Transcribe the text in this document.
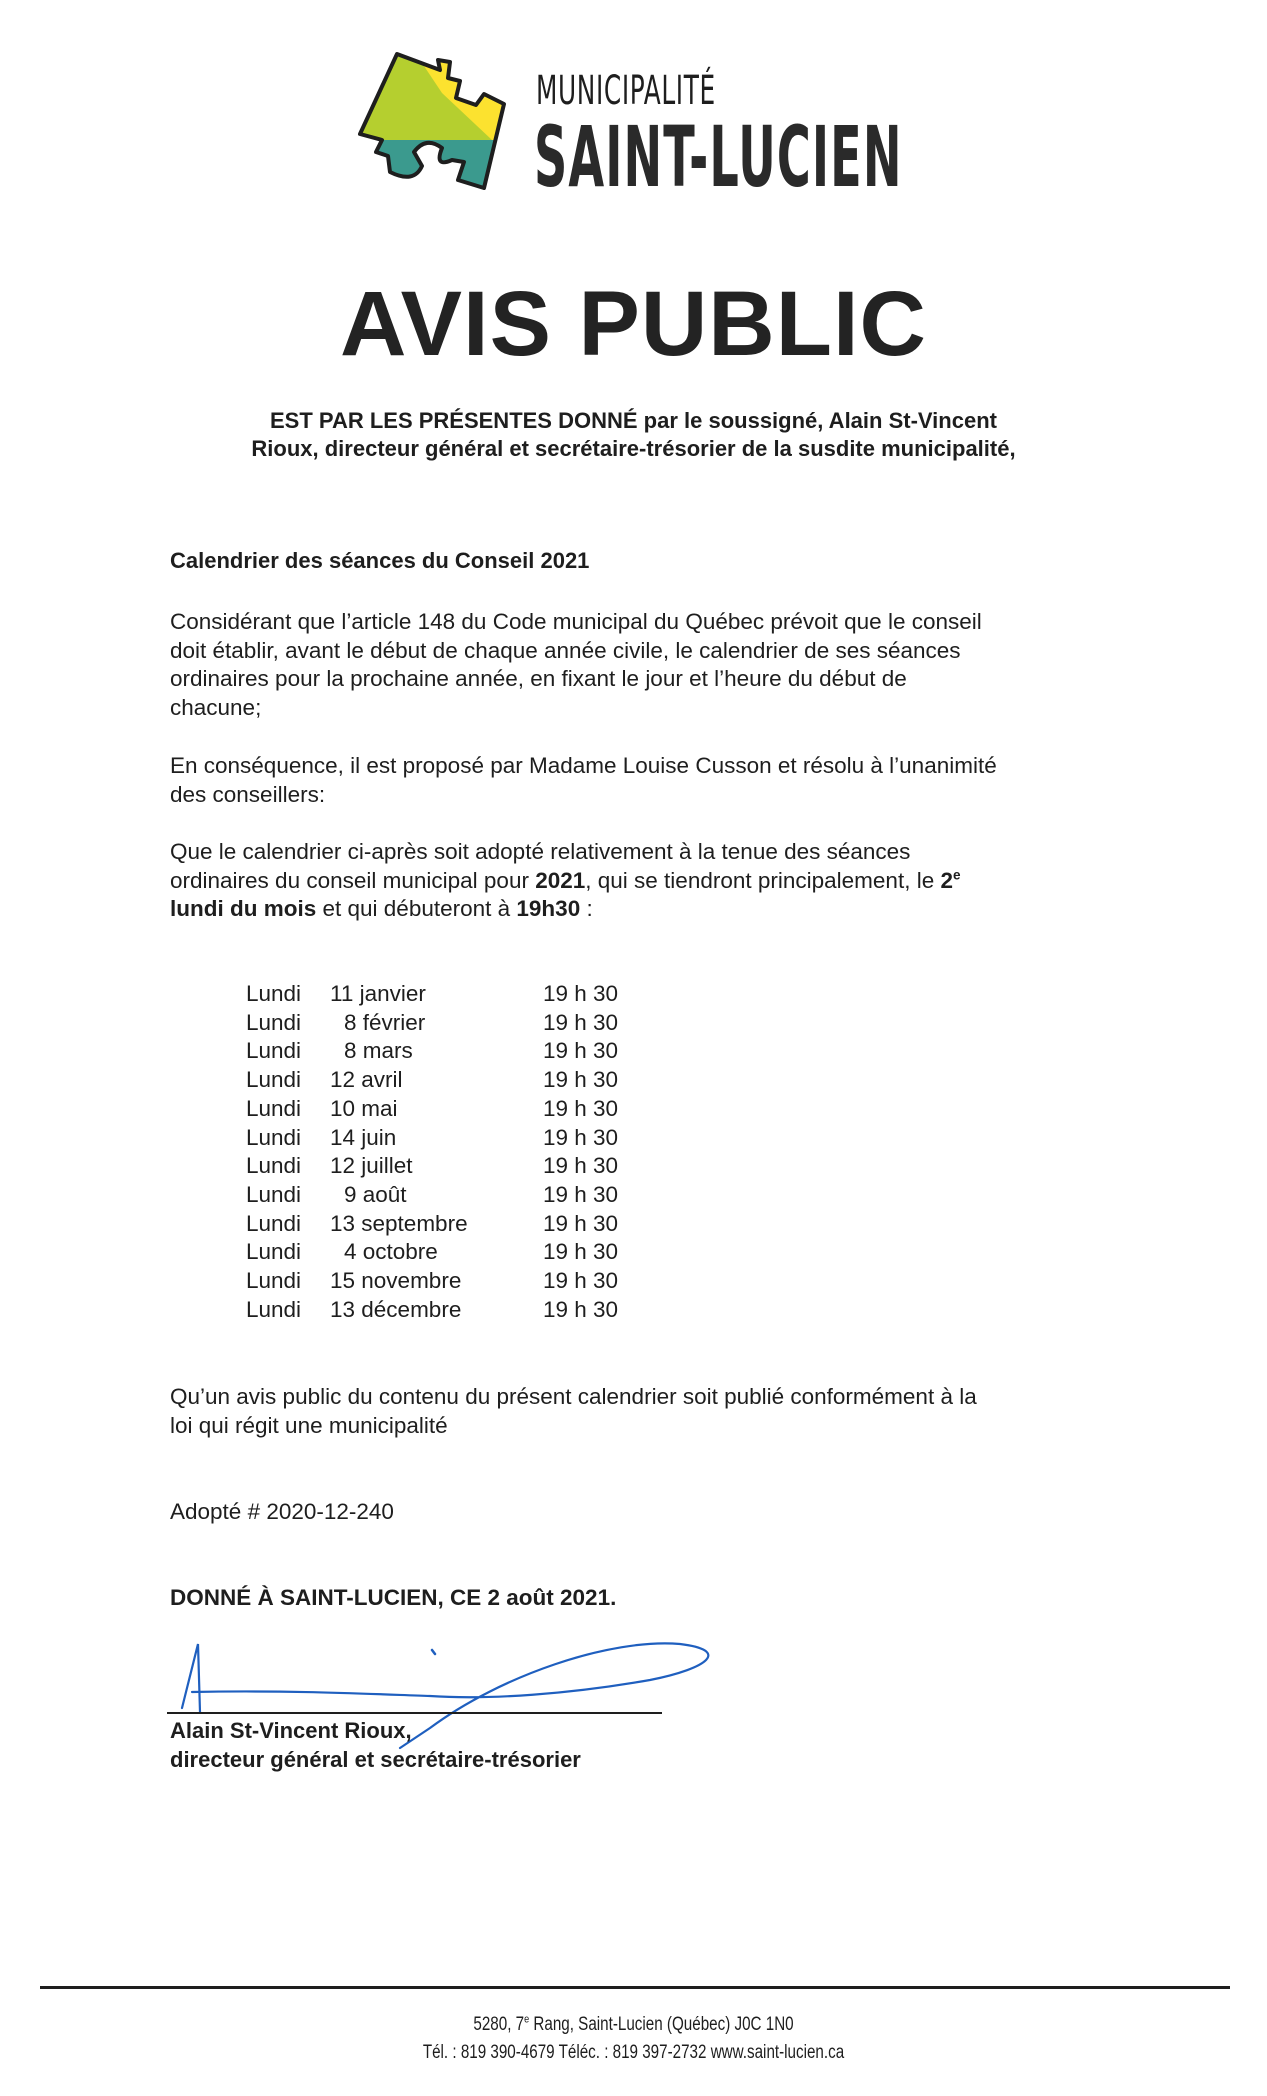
MUNICIPALITÉ
SAINT-LUCIEN
AVIS PUBLIC
EST PAR LES PRÉSENTES DONNÉ par le soussigné, Alain St-Vincent
Rioux, directeur général et secrétaire-trésorier de la susdite municipalité,
Calendrier des séances du Conseil 2021
Considérant que l’article 148 du Code municipal du Québec prévoit que le conseil
doit établir, avant le début de chaque année civile, le calendrier de ses séances
ordinaires pour la prochaine année, en fixant le jour et l’heure du début de
chacune;
En conséquence, il est proposé par Madame Louise Cusson et résolu à l’unanimité
des conseillers:
Que le calendrier ci-après soit adopté relativement à la tenue des séances
ordinaires du conseil municipal pour 2021, qui se tiendront principalement, le 2e
lundi du mois et qui débuteront à 19h30 :
Lundi 11 janvier	19 h 30
Lundi 8 février	19 h 30
Lundi 8 mars	19 h 30
Lundi 12 avril	19 h 30
Lundi 10 mai	19 h 30
Lundi 14 juin	19 h 30
Lundi 12 juillet	19 h 30
Lundi 9 août	19 h 30
Lundi 13 septembre	19 h 30
Lundi 4 octobre	19 h 30
Lundi 15 novembre	19 h 30
Lundi 13 décembre	19 h 30
Qu’un avis public du contenu du présent calendrier soit publié conformément à la
loi qui régit une municipalité
Adopté # 2020-12-240
DONNÉ À SAINT-LUCIEN, CE 2 août 2021.
Alain St-Vincent Rioux,
directeur général et secrétaire-trésorier
5280, 7e Rang, Saint-Lucien (Québec) J0C 1N0
Tél. : 819 390-4679 Téléc. : 819 397-2732 www.saint-lucien.ca
